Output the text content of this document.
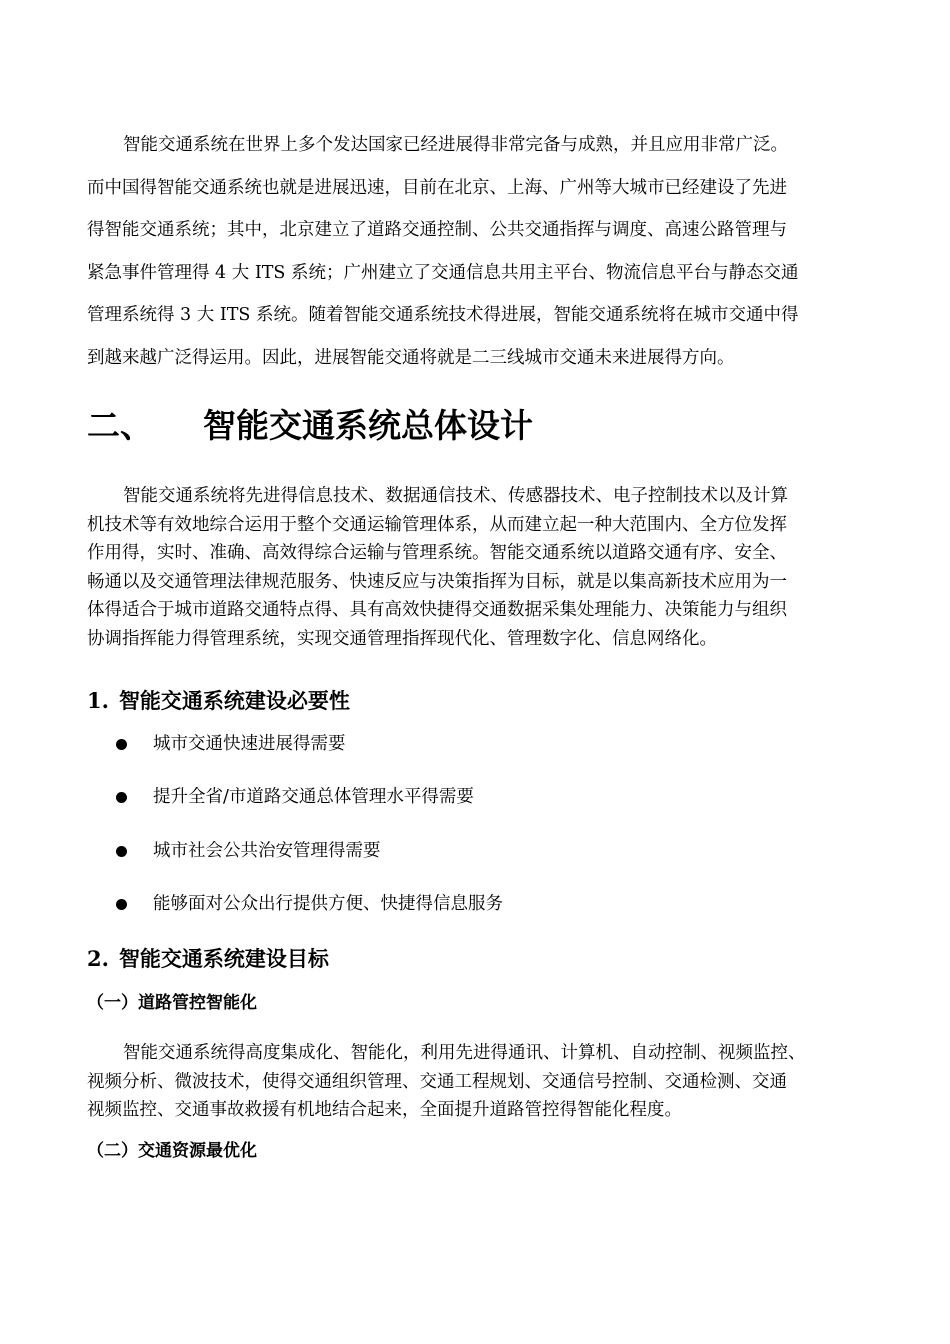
智能交通系统在世界上多个发达国家已经进展得非常完备与成熟，并且应用非常广泛。
而中国得智能交通系统也就是进展迅速，目前在北京、上海、广州等大城市已经建设了先进
得智能交通系统；其中，北京建立了道路交通控制、公共交通指挥与调度、高速公路管理与
紧急事件管理得 4 大 ITS 系统；广州建立了交通信息共用主平台、物流信息平台与静态交通
管理系统得 3 大 ITS 系统。随着智能交通系统技术得进展，智能交通系统将在城市交通中得
到越来越广泛得运用。因此，进展智能交通将就是二三线城市交通未来进展得方向。

二、 智能交通系统总体设计

智能交通系统将先进得信息技术、数据通信技术、传感器技术、电子控制技术以及计算
机技术等有效地综合运用于整个交通运输管理体系，从而建立起一种大范围内、全方位发挥
作用得，实时、准确、高效得综合运输与管理系统。智能交通系统以道路交通有序、安全、
畅通以及交通管理法律规范服务、快速反应与决策指挥为目标，就是以集高新技术应用为一
体得适合于城市道路交通特点得、具有高效快捷得交通数据采集处理能力、决策能力与组织
协调指挥能力得管理系统，实现交通管理指挥现代化、管理数字化、信息网络化。

1. 智能交通系统建设必要性
城市交通快速进展得需要
提升全省/市道路交通总体管理水平得需要
城市社会公共治安管理得需要
能够面对公众出行提供方便、快捷得信息服务
2. 智能交通系统建设目标
（一）道路管控智能化

智能交通系统得高度集成化、智能化，利用先进得通讯、计算机、自动控制、视频监控、
视频分析、微波技术，使得交通组织管理、交通工程规划、交通信号控制、交通检测、交通
视频监控、交通事故救援有机地结合起来，全面提升道路管控得智能化程度。

（二）交通资源最优化
